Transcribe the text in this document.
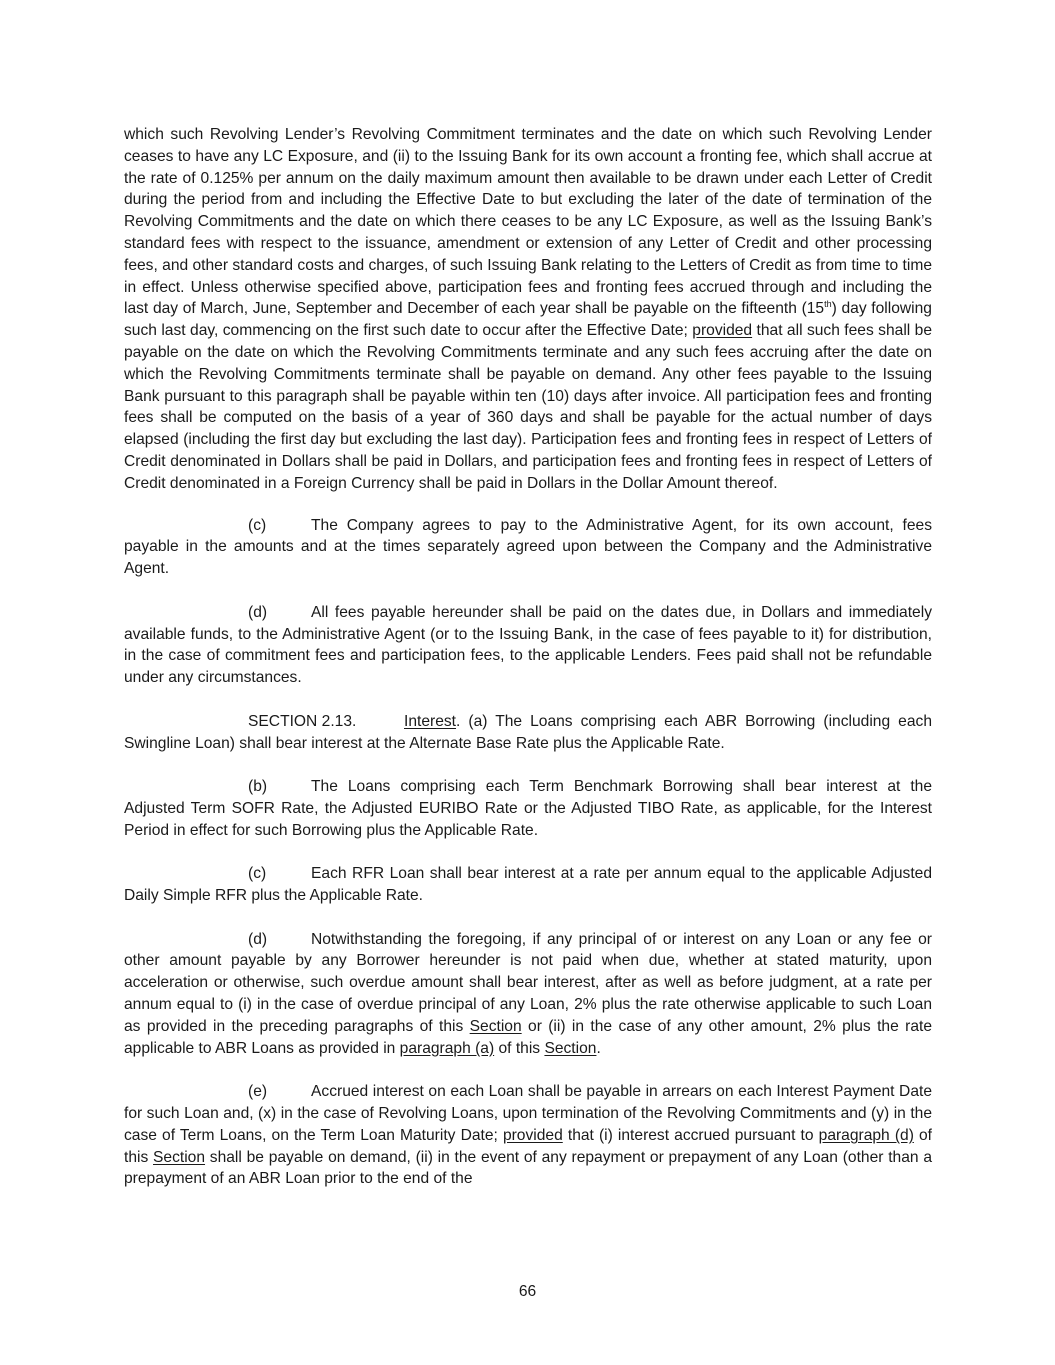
which such Revolving Lender’s Revolving Commitment terminates and the date on which such Revolving Lender ceases to have any LC Exposure, and (ii) to the Issuing Bank for its own account a fronting fee, which shall accrue at the rate of 0.125% per annum on the daily maximum amount then available to be drawn under each Letter of Credit during the period from and including the Effective Date to but excluding the later of the date of termination of the Revolving Commitments and the date on which there ceases to be any LC Exposure, as well as the Issuing Bank’s standard fees with respect to the issuance, amendment or extension of any Letter of Credit and other processing fees, and other standard costs and charges, of such Issuing Bank relating to the Letters of Credit as from time to time in effect. Unless otherwise specified above, participation fees and fronting fees accrued through and including the last day of March, June, September and December of each year shall be payable on the fifteenth (15th) day following such last day, commencing on the first such date to occur after the Effective Date; provided that all such fees shall be payable on the date on which the Revolving Commitments terminate and any such fees accruing after the date on which the Revolving Commitments terminate shall be payable on demand. Any other fees payable to the Issuing Bank pursuant to this paragraph shall be payable within ten (10) days after invoice. All participation fees and fronting fees shall be computed on the basis of a year of 360 days and shall be payable for the actual number of days elapsed (including the first day but excluding the last day). Participation fees and fronting fees in respect of Letters of Credit denominated in Dollars shall be paid in Dollars, and participation fees and fronting fees in respect of Letters of Credit denominated in a Foreign Currency shall be paid in Dollars in the Dollar Amount thereof.

(c)	The Company agrees to pay to the Administrative Agent, for its own account, fees payable in the amounts and at the times separately agreed upon between the Company and the Administrative Agent.

(d)	All fees payable hereunder shall be paid on the dates due, in Dollars and immediately available funds, to the Administrative Agent (or to the Issuing Bank, in the case of fees payable to it) for distribution, in the case of commitment fees and participation fees, to the applicable Lenders. Fees paid shall not be refundable under any circumstances.

SECTION 2.13.	Interest. (a) The Loans comprising each ABR Borrowing (including each Swingline Loan) shall bear interest at the Alternate Base Rate plus the Applicable Rate.

(b)	The Loans comprising each Term Benchmark Borrowing shall bear interest at the Adjusted Term SOFR Rate, the Adjusted EURIBO Rate or the Adjusted TIBO Rate, as applicable, for the Interest Period in effect for such Borrowing plus the Applicable Rate.

(c)	Each RFR Loan shall bear interest at a rate per annum equal to the applicable Adjusted Daily Simple RFR plus the Applicable Rate.

(d)	Notwithstanding the foregoing, if any principal of or interest on any Loan or any fee or other amount payable by any Borrower hereunder is not paid when due, whether at stated maturity, upon acceleration or otherwise, such overdue amount shall bear interest, after as well as before judgment, at a rate per annum equal to (i) in the case of overdue principal of any Loan, 2% plus the rate otherwise applicable to such Loan as provided in the preceding paragraphs of this Section or (ii) in the case of any other amount, 2% plus the rate applicable to ABR Loans as provided in paragraph (a) of this Section.

(e)	Accrued interest on each Loan shall be payable in arrears on each Interest Payment Date for such Loan and, (x) in the case of Revolving Loans, upon termination of the Revolving Commitments and (y) in the case of Term Loans, on the Term Loan Maturity Date; provided that (i) interest accrued pursuant to paragraph (d) of this Section shall be payable on demand, (ii) in the event of any repayment or prepayment of any Loan (other than a prepayment of an ABR Loan prior to the end of the

66
